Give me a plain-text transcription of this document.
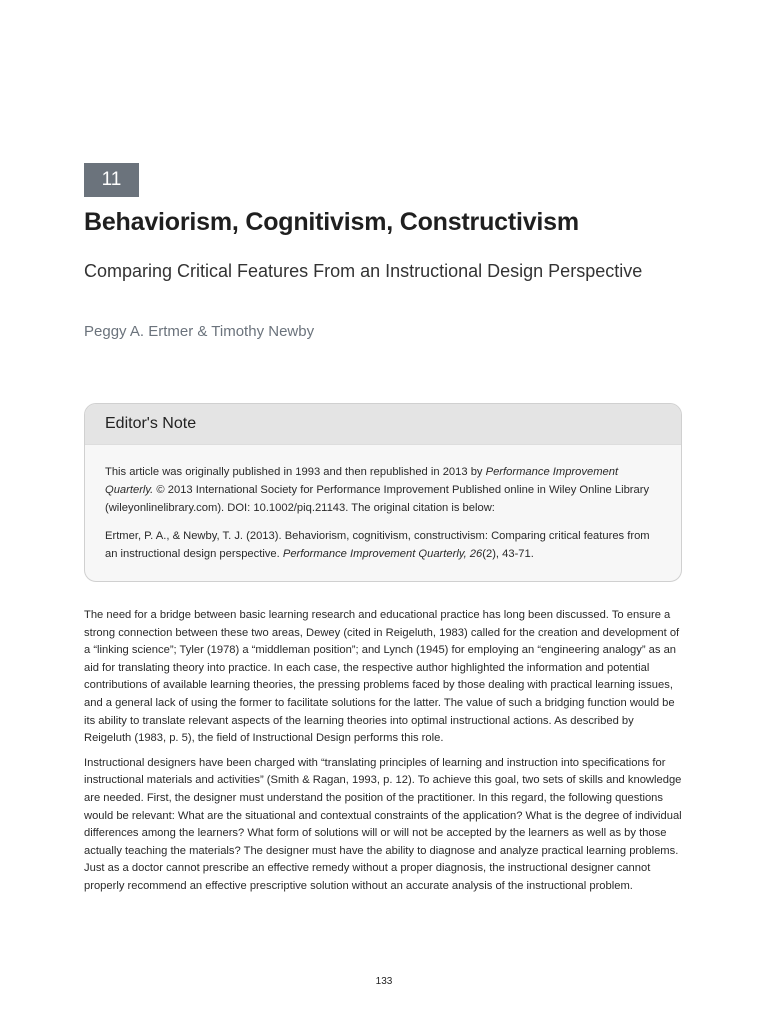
11
Behaviorism, Cognitivism, Constructivism
Comparing Critical Features From an Instructional Design Perspective
Peggy A. Ertmer & Timothy Newby
Editor's Note

This article was originally published in 1993 and then republished in 2013 by Performance Improvement Quarterly. © 2013 International Society for Performance Improvement Published online in Wiley Online Library (wileyonlinelibrary.com). DOI: 10.1002/piq.21143. The original citation is below:

Ertmer, P. A., & Newby, T. J. (2013). Behaviorism, cognitivism, constructivism: Comparing critical features from an instructional design perspective. Performance Improvement Quarterly, 26(2), 43-71.

The need for a bridge between basic learning research and educational practice has long been discussed. To ensure a strong connection between these two areas, Dewey (cited in Reigeluth, 1983) called for the creation and development of a “linking science”; Tyler (1978) a “middleman position”; and Lynch (1945) for employing an “engineering analogy” as an aid for translating theory into practice. In each case, the respective author highlighted the information and potential contributions of available learning theories, the pressing problems faced by those dealing with practical learning issues, and a general lack of using the former to facilitate solutions for the latter. The value of such a bridging function would be its ability to translate relevant aspects of the learning theories into optimal instructional actions. As described by Reigeluth (1983, p. 5), the field of Instructional Design performs this role.

Instructional designers have been charged with “translating principles of learning and instruction into specifications for instructional materials and activities” (Smith & Ragan, 1993, p. 12). To achieve this goal, two sets of skills and knowledge are needed. First, the designer must understand the position of the practitioner. In this regard, the following questions would be relevant: What are the situational and contextual constraints of the application? What is the degree of individual differences among the learners? What form of solutions will or will not be accepted by the learners as well as by those actually teaching the materials? The designer must have the ability to diagnose and analyze practical learning problems. Just as a doctor cannot prescribe an effective remedy without a proper diagnosis, the instructional designer cannot properly recommend an effective prescriptive solution without an accurate analysis of the instructional problem.

133
